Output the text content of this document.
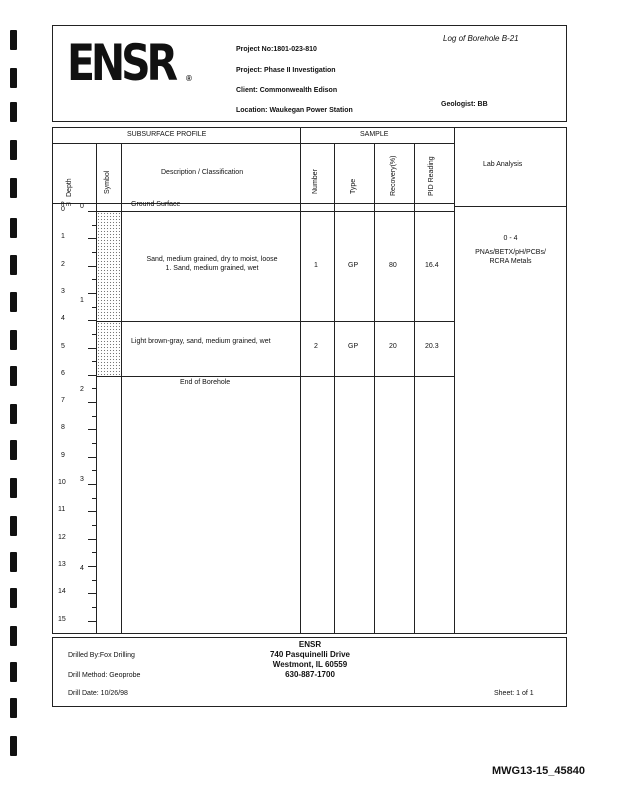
ENSR ®
Log of Borehole B-21
Project No:1801-023-810
Project: Phase II Investigation
Client: Commonwealth Edison
Location: Waukegan Power Station
Geologist: BB
SUBSURFACE PROFILE	SAMPLE
Depth
ft m
Symbol	Description / Classification	Number	Type	Recovery(%)	PID Reading	Lab Analysis
0
1
2
3
4
5
6
7
8
9
10
11
12
13
14
15
0
1
2
3
4
Ground Surface
Sand, medium grained, dry to moist, loose
1. Sand, medium grained, wet
Light brown-gray, sand, medium grained, wet
End of Borehole
1	GP	80	16.4
2	GP	20	20.3
0 - 4
PNAs/BETX/pH/PCBs/
RCRA Metals
Drilled By:Fox Drilling
Drill Method: Geoprobe
Drill Date: 10/26/98
ENSR
740 Pasquinelli Drive
Westmont, IL 60559
630-887-1700
Sheet: 1 of 1
MWG13-15_45840
